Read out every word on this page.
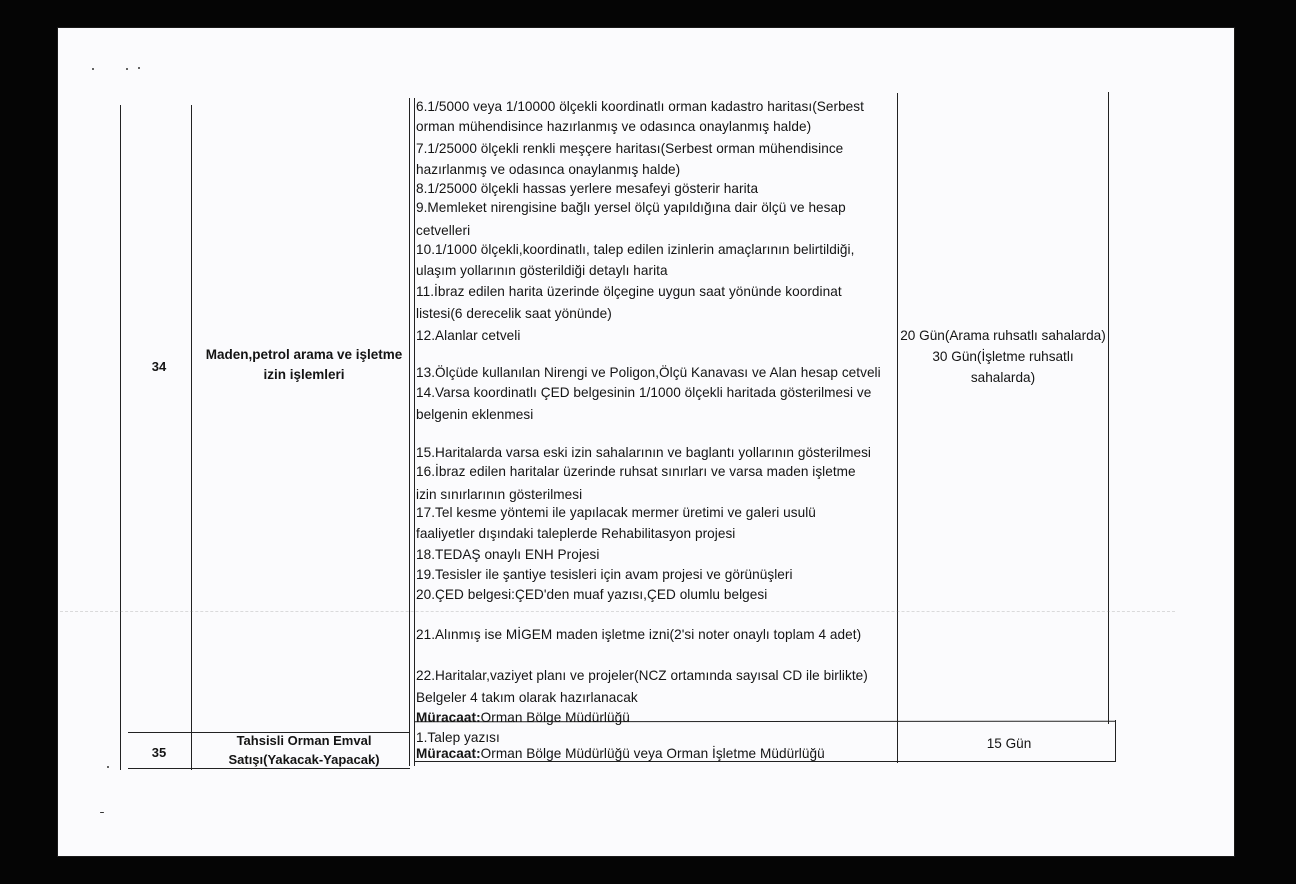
34
Maden,petrol arama ve işletme
izin işlemleri
6.1/5000 veya 1/10000 ölçekli koordinatlı orman kadastro haritası(Serbest
orman mühendisince hazırlanmış ve odasınca onaylanmış halde)
7.1/25000 ölçekli renkli meşçere haritası(Serbest orman mühendisince
hazırlanmış ve odasınca onaylanmış halde)
8.1/25000 ölçekli hassas yerlere mesafeyi gösterir harita
9.Memleket nirengisine bağlı yersel ölçü yapıldığına dair ölçü ve hesap
cetvelleri
10.1/1000 ölçekli,koordinatlı, talep edilen izinlerin amaçlarının belirtildiği,
ulaşım yollarının gösterildiği detaylı harita
11.İbraz edilen harita üzerinde ölçegine uygun saat yönünde koordinat
listesi(6 derecelik saat yönünde)
12.Alanlar cetveli
13.Ölçüde kullanılan Nirengi ve Poligon,Ölçü Kanavası ve Alan hesap cetveli
14.Varsa koordinatlı ÇED belgesinin 1/1000 ölçekli haritada gösterilmesi ve
belgenin eklenmesi
15.Haritalarda varsa eski izin sahalarının ve baglantı yollarının gösterilmesi
16.İbraz edilen haritalar üzerinde ruhsat sınırları ve varsa maden işletme
izin sınırlarının gösterilmesi
17.Tel kesme yöntemi ile yapılacak mermer üretimi ve galeri usulü
faaliyetler dışındaki taleplerde Rehabilitasyon projesi
18.TEDAŞ onaylı ENH Projesi
19.Tesisler ile şantiye tesisleri için avam projesi ve görünüşleri
20.ÇED belgesi:ÇED'den muaf yazısı,ÇED olumlu belgesi
21.Alınmış ise MİGEM maden işletme izni(2'si noter onaylı toplam 4 adet)
22.Haritalar,vaziyet planı ve projeler(NCZ ortamında sayısal CD ile birlikte)
Belgeler 4 takım olarak hazırlanacak
Müracaat:Orman Bölge Müdürlüğü
20 Gün(Arama ruhsatlı sahalarda)
30 Gün(İşletme ruhsatlı
sahalarda)
35
Tahsisli Orman Emval
Satışı(Yakacak-Yapacak)
1.Talep yazısı
Müracaat:Orman Bölge Müdürlüğü veya Orman İşletme Müdürlüğü
15 Gün
